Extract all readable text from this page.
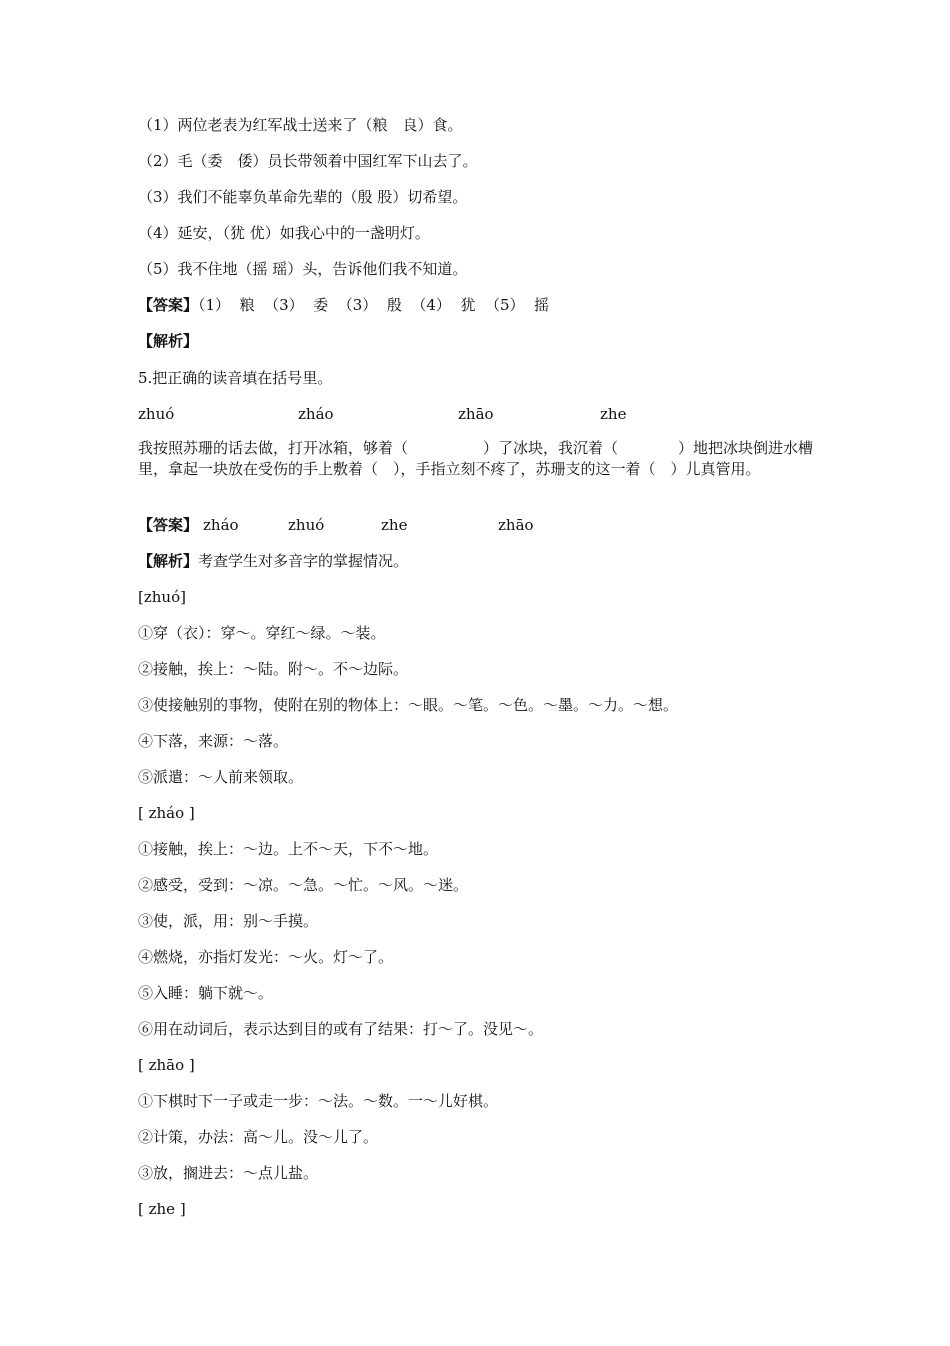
（1）两位老表为红军战士送来了（粮　良）食。
（2）毛（委　倭）员长带领着中国红军下山去了。
（3）我们不能辜负革命先辈的（殷 股）切希望。
（4）延安，（犹 优）如我心中的一盏明灯。
（5）我不住地（摇 瑶）头，告诉他们我不知道。
【答案】（1）  粮  （3）  委  （3）  殷  （4）  犹  （5）  摇
【解析】
5.把正确的读音填在括号里。
zhuó	zháo	zhāo	zhe
我按照苏珊的话去做，打开冰箱，够着（　　　　　）了冰块，我沉着（　　　　）地把冰块倒进水槽里，拿起一块放在受伤的手上敷着（　），手指立刻不疼了，苏珊支的这一着（　）儿真管用。
【答案】 zháo	zhuó	zhe	zhāo
【解析】考查学生对多音字的掌握情况。
[zhuó]
①穿（衣）：穿～。穿红～绿。～装。
②接触，挨上：～陆。附～。不～边际。
③使接触别的事物，使附在别的物体上：～眼。～笔。～色。～墨。～力。～想。
④下落，来源：～落。
⑤派遣：～人前来领取。
[ zháo ]
①接触，挨上：～边。上不～天，下不～地。
②感受，受到：～凉。～急。～忙。～风。～迷。
③使，派，用：别～手摸。
④燃烧，亦指灯发光：～火。灯～了。
⑤入睡：躺下就～。
⑥用在动词后，表示达到目的或有了结果：打～了。没见～。
[ zhāo ]
①下棋时下一子或走一步：～法。～数。一～儿好棋。
②计策，办法：高～儿。没～儿了。
③放，搁进去：～点儿盐。
[ zhe ]
